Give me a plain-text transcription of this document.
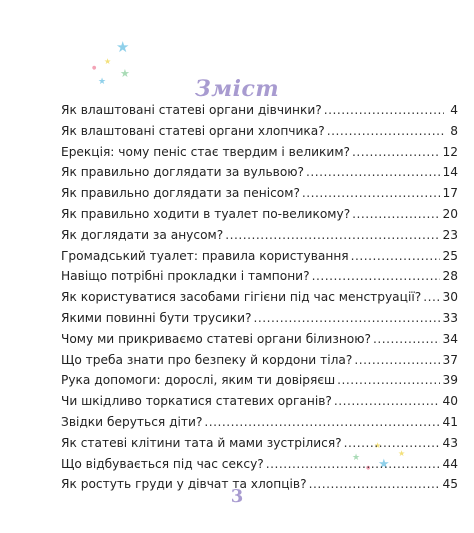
★
★
★
★
●
★
★
★
★
●
Зміст
Як влаштовані статеві органи дівчинки? .....	4
Як влаштовані статеві органи хлопчика? .....	8
Ерекція: чому пеніс стає твердим і великим? .....	12
Як правильно доглядати за вульвою? .....	14
Як правильно доглядати за пенісом? .....	17
Як правильно ходити в туалет по-великому? .....	20
Як доглядати за анусом? .....	23
Громадський туалет: правила користування .....	25
Навіщо потрібні прокладки і тампони? .....	28
Як користуватися засобами гігієни під час менструації? ..... 30
Якими повинні бути трусики? .....	33
Чому ми прикриваємо статеві органи білизною? .....	34
Що треба знати про безпеку й кордони тіла? .....	37
Рука допомоги: дорослі, яким ти довіряєш .....	39
Чи шкідливо торкатися статевих органів? .....	40
Звідки беруться діти? .....	41
Як статеві клітини тата й мами зустрілися? .....	43
Що відбувається під час сексу? .....	44
Як ростуть груди у дівчат та хлопців? .....	45
3
